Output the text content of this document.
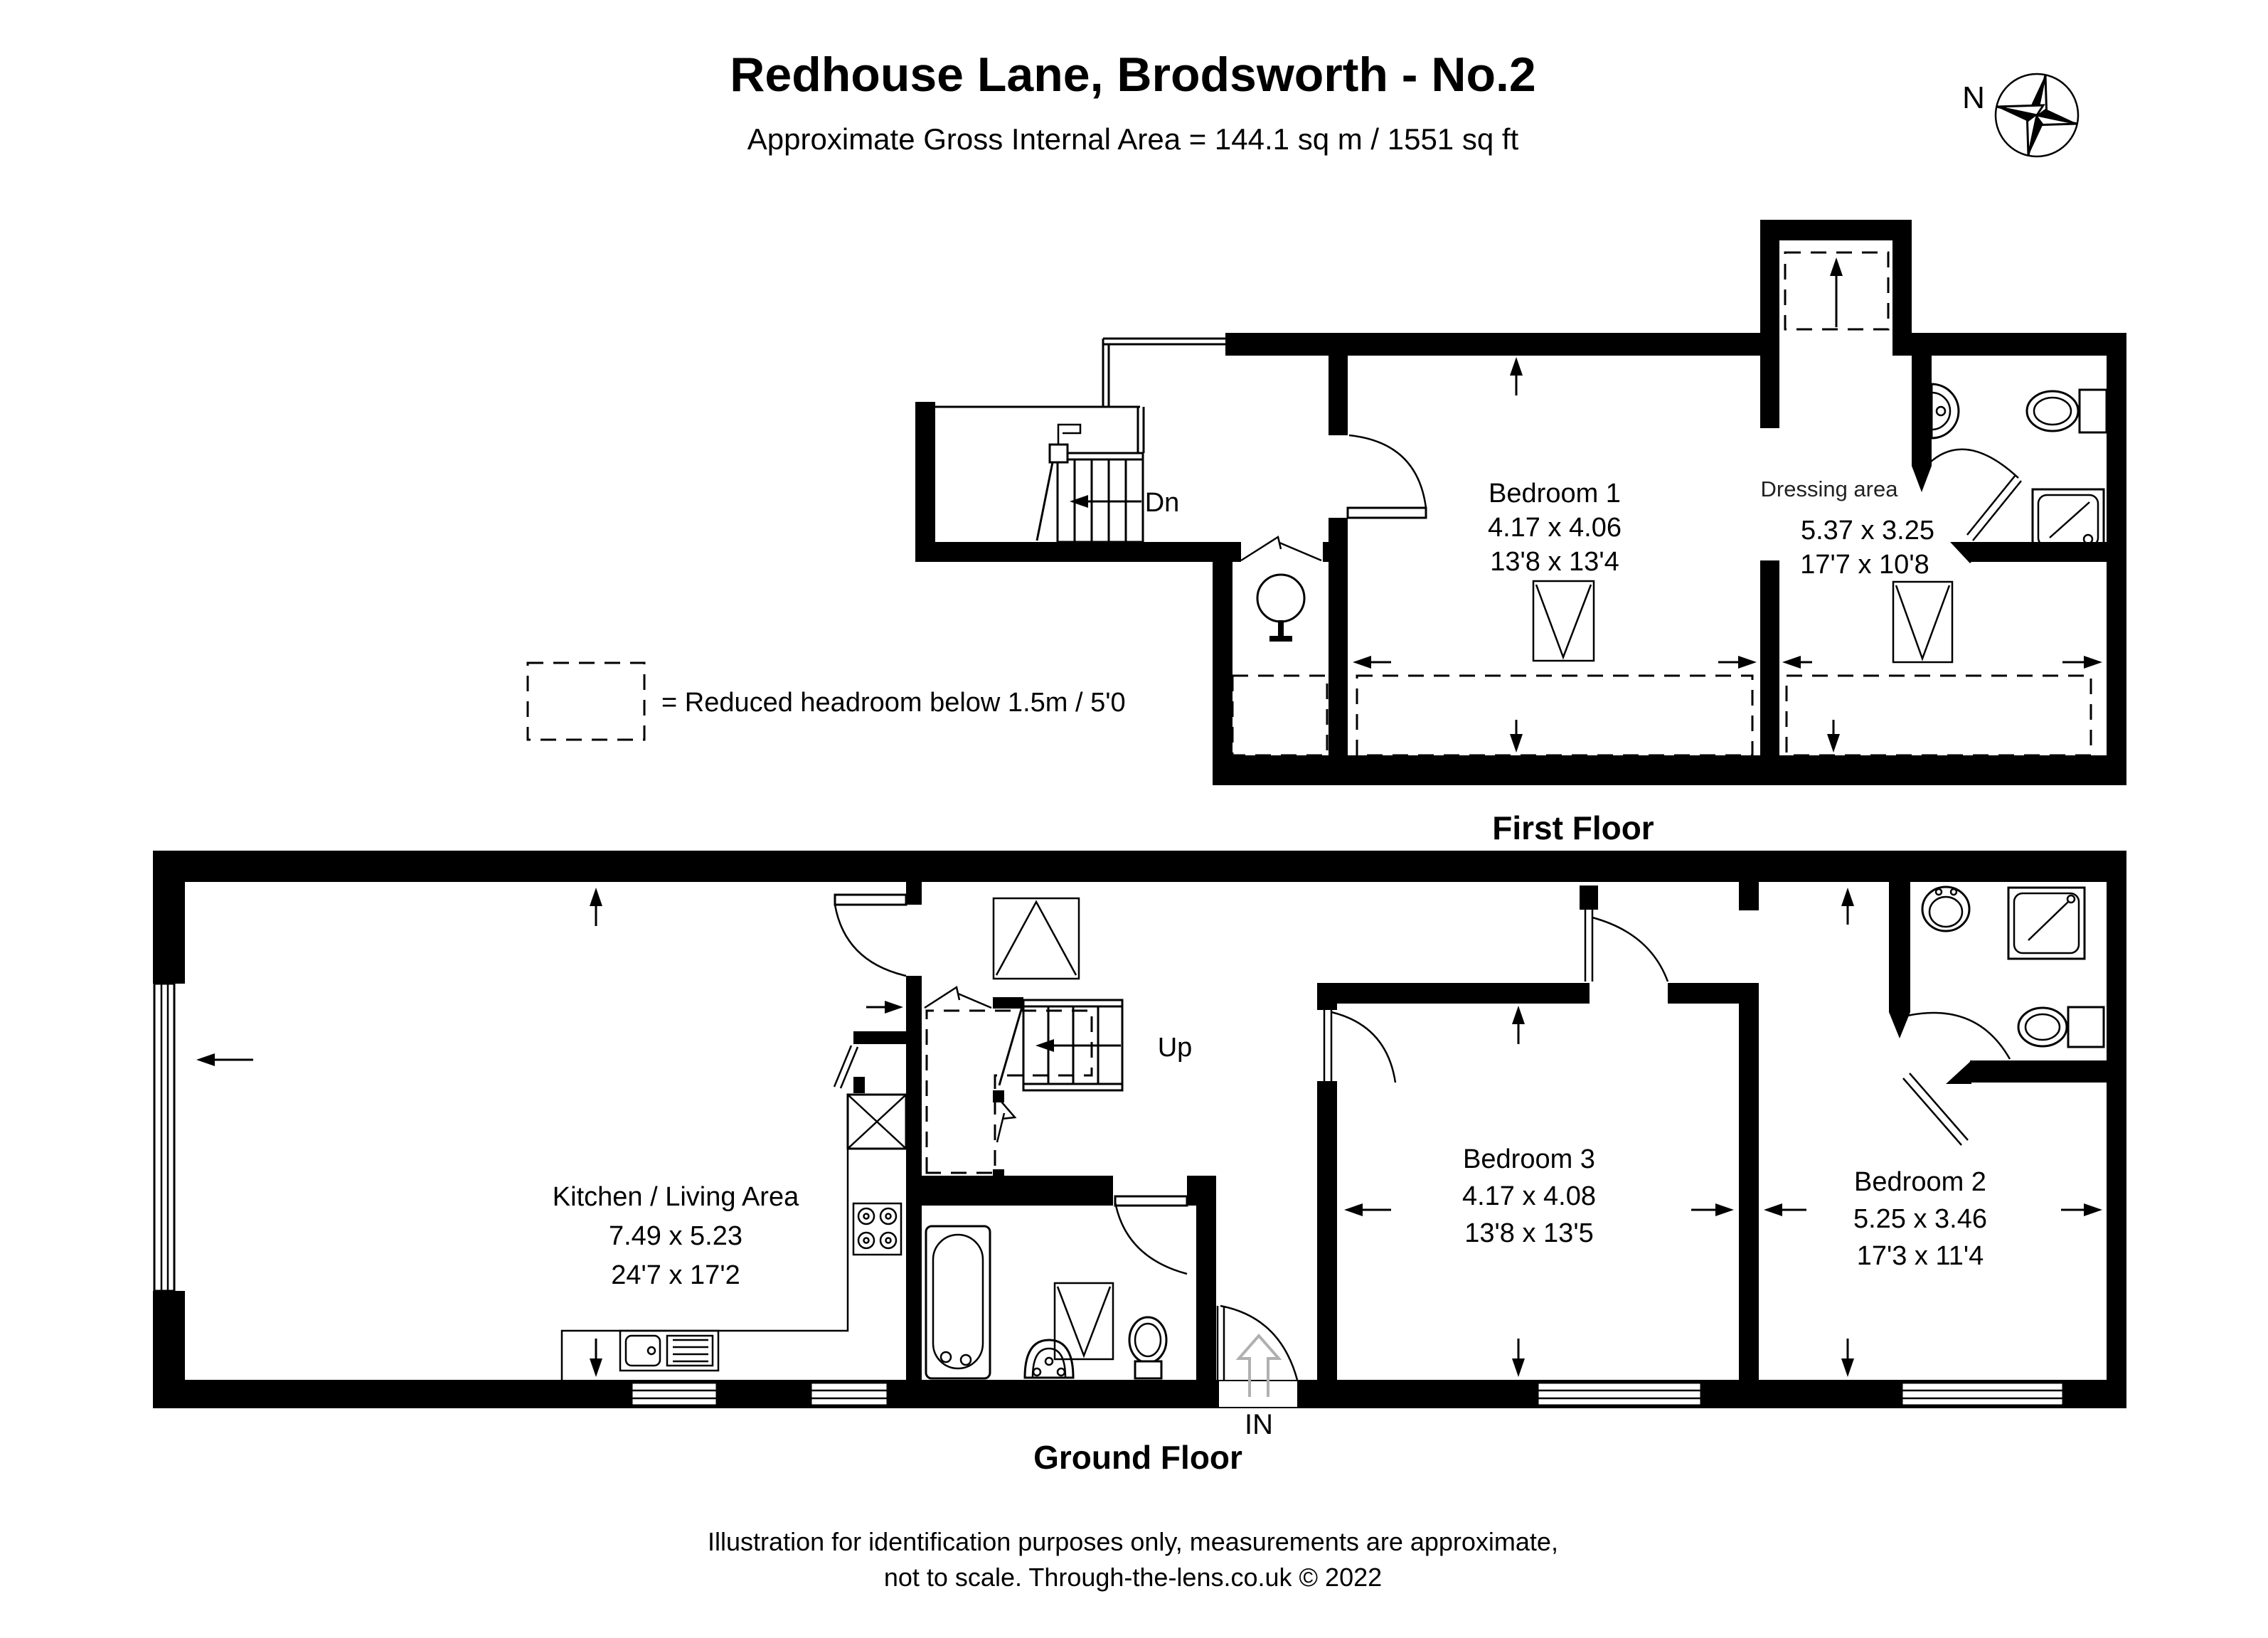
Redhouse Lane, Brodsworth - No.2
Approximate Gross Internal Area = 144.1 sq m / 1551 sq ft
N
= Reduced headroom below 1.5m / 5'0
Dn	Bedroom 1
4.17 x 4.06
13'8 x 13'4
Dressing area
5.37 x 3.25
17'7 x 10'8
First Floor
Up
IN
Kitchen / Living Area
7.49 x 5.23
24'7 x 17'2
Bedroom 3
4.17 x 4.08
13'8 x 13'5
Bedroom 2
5.25 x 3.46
17'3 x 11'4
Ground Floor
Illustration for identification purposes only, measurements are approximate,
not to scale. Through-the-lens.co.uk © 2022
